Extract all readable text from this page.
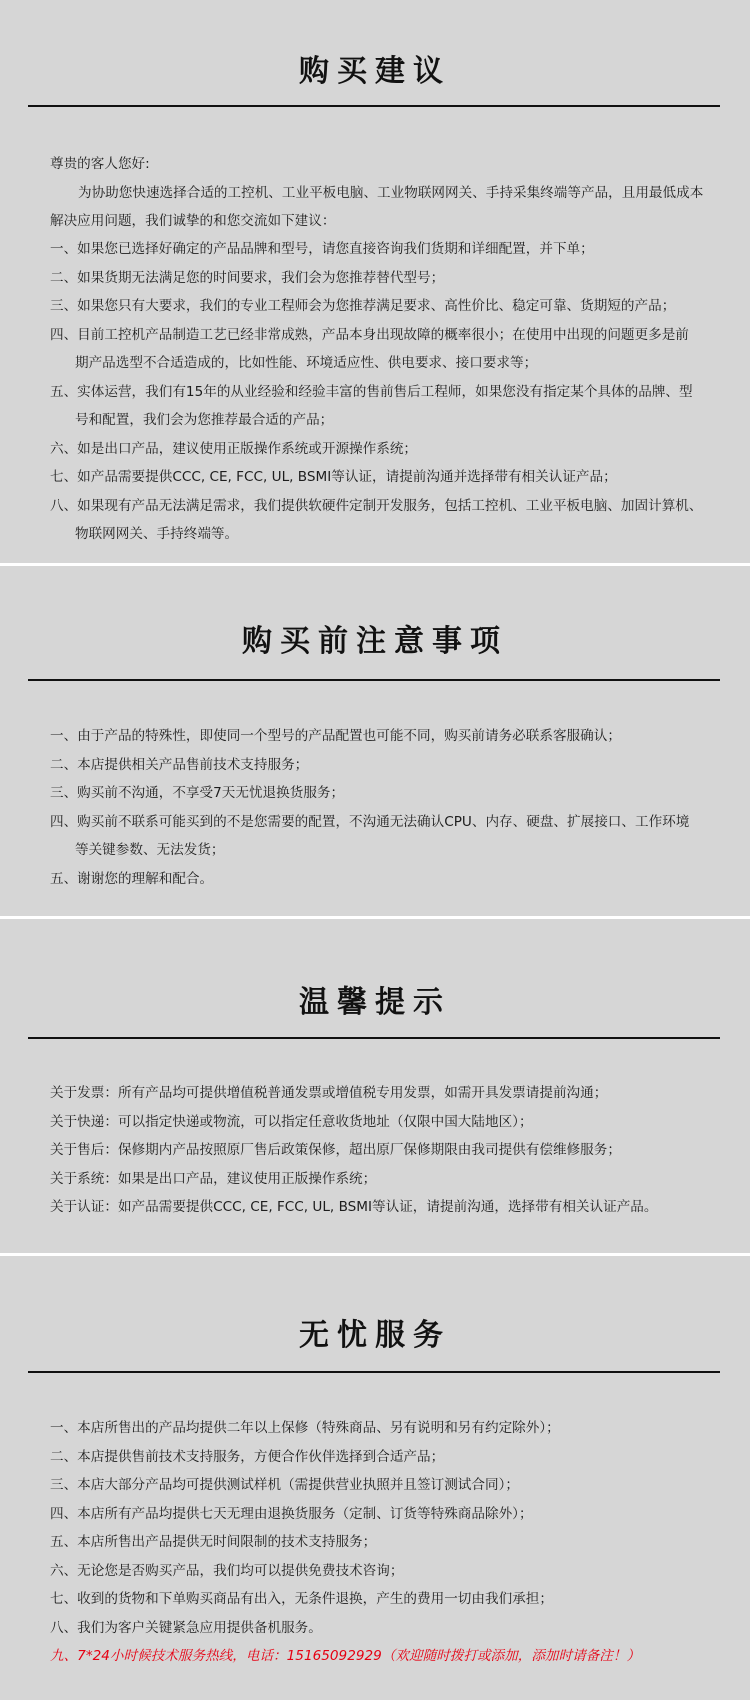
购买建议
尊贵的客人您好:
为协助您快速选择合适的工控机、工业平板电脑、工业物联网网关、手持采集终端等产品，且用最低成本
解决应用问题，我们诚挚的和您交流如下建议：
一、如果您已选择好确定的产品品牌和型号，请您直接咨询我们货期和详细配置，并下单；
二、如果货期无法满足您的时间要求，我们会为您推荐替代型号；
三、如果您只有大要求，我们的专业工程师会为您推荐满足要求、高性价比、稳定可靠、货期短的产品；
四、目前工控机产品制造工艺已经非常成熟，产品本身出现故障的概率很小；在使用中出现的问题更多是前
期产品选型不合适造成的，比如性能、环境适应性、供电要求、接口要求等；
五、实体运营，我们有15年的从业经验和经验丰富的售前售后工程师，如果您没有指定某个具体的品牌、型
号和配置，我们会为您推荐最合适的产品；
六、如是出口产品，建议使用正版操作系统或开源操作系统；
七、如产品需要提供CCC, CE, FCC, UL, BSMI等认证，请提前沟通并选择带有相关认证产品；
八、如果现有产品无法满足需求，我们提供软硬件定制开发服务，包括工控机、工业平板电脑、加固计算机、
物联网网关、手持终端等。
购买前注意事项
一、由于产品的特殊性，即使同一个型号的产品配置也可能不同，购买前请务必联系客服确认；
二、本店提供相关产品售前技术支持服务；
三、购买前不沟通，不享受7天无忧退换货服务；
四、购买前不联系可能买到的不是您需要的配置，不沟通无法确认CPU、内存、硬盘、扩展接口、工作环境
等关键参数、无法发货；
五、谢谢您的理解和配合。
温馨提示
关于发票：所有产品均可提供增值税普通发票或增值税专用发票，如需开具发票请提前沟通；
关于快递：可以指定快递或物流，可以指定任意收货地址（仅限中国大陆地区）；
关于售后：保修期内产品按照原厂售后政策保修，超出原厂保修期限由我司提供有偿维修服务；
关于系统：如果是出口产品，建议使用正版操作系统；
关于认证：如产品需要提供CCC, CE, FCC, UL, BSMI等认证，请提前沟通，选择带有相关认证产品。
无忧服务
一、本店所售出的产品均提供二年以上保修（特殊商品、另有说明和另有约定除外）；
二、本店提供售前技术支持服务，方便合作伙伴选择到合适产品；
三、本店大部分产品均可提供测试样机（需提供营业执照并且签订测试合同）；
四、本店所有产品均提供七天无理由退换货服务（定制、订货等特殊商品除外）；
五、本店所售出产品提供无时间限制的技术支持服务；
六、无论您是否购买产品，我们均可以提供免费技术咨询；
七、收到的货物和下单购买商品有出入，无条件退换，产生的费用一切由我们承担；
八、我们为客户关键紧急应用提供备机服务。
九、7*24小时候技术服务热线，电话：15165092929（欢迎随时拨打或添加，添加时请备注！）
